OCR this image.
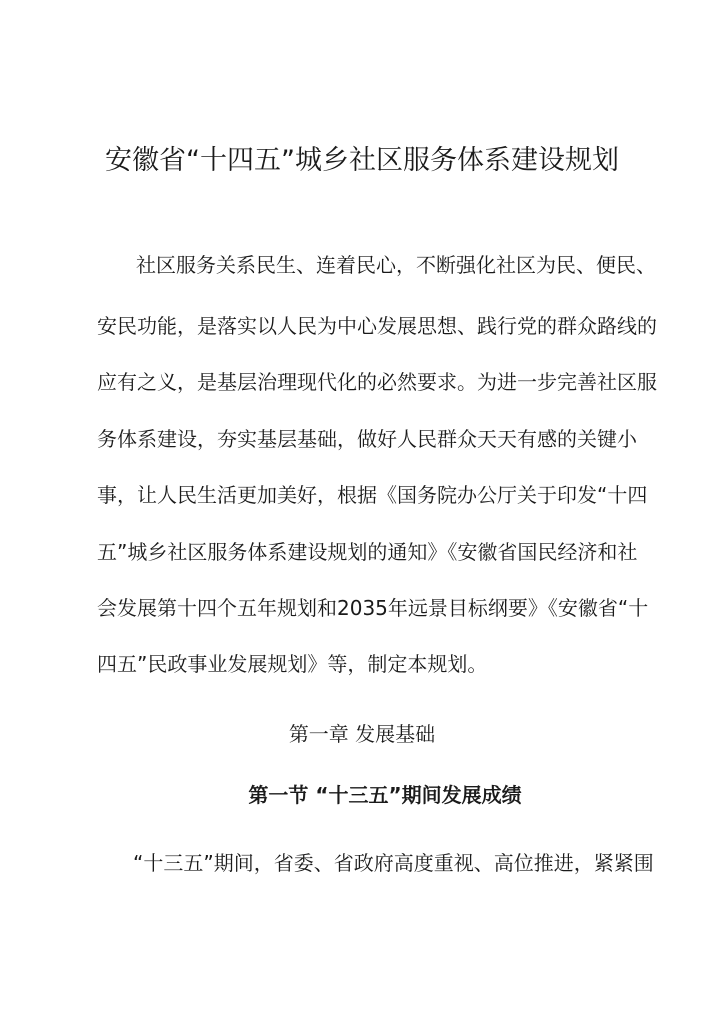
安徽省“十四五”城乡社区服务体系建设规划

社区服务关系民生、连着民心，不断强化社区为民、便民、

安民功能，是落实以人民为中心发展思想、践行党的群众路线的

应有之义，是基层治理现代化的必然要求。为进一步完善社区服

务体系建设，夯实基层基础，做好人民群众天天有感的关键小

事，让人民生活更加美好，根据《国务院办公厅关于印发“十四

五”城乡社区服务体系建设规划的通知》《安徽省国民经济和社

会发展第十四个五年规划和2035年远景目标纲要》《安徽省“十

四五”民政事业发展规划》等，制定本规划。

第一章 发展基础
第一节 “十三五”期间发展成绩

“十三五”期间，省委、省政府高度重视、高位推进，紧紧围
